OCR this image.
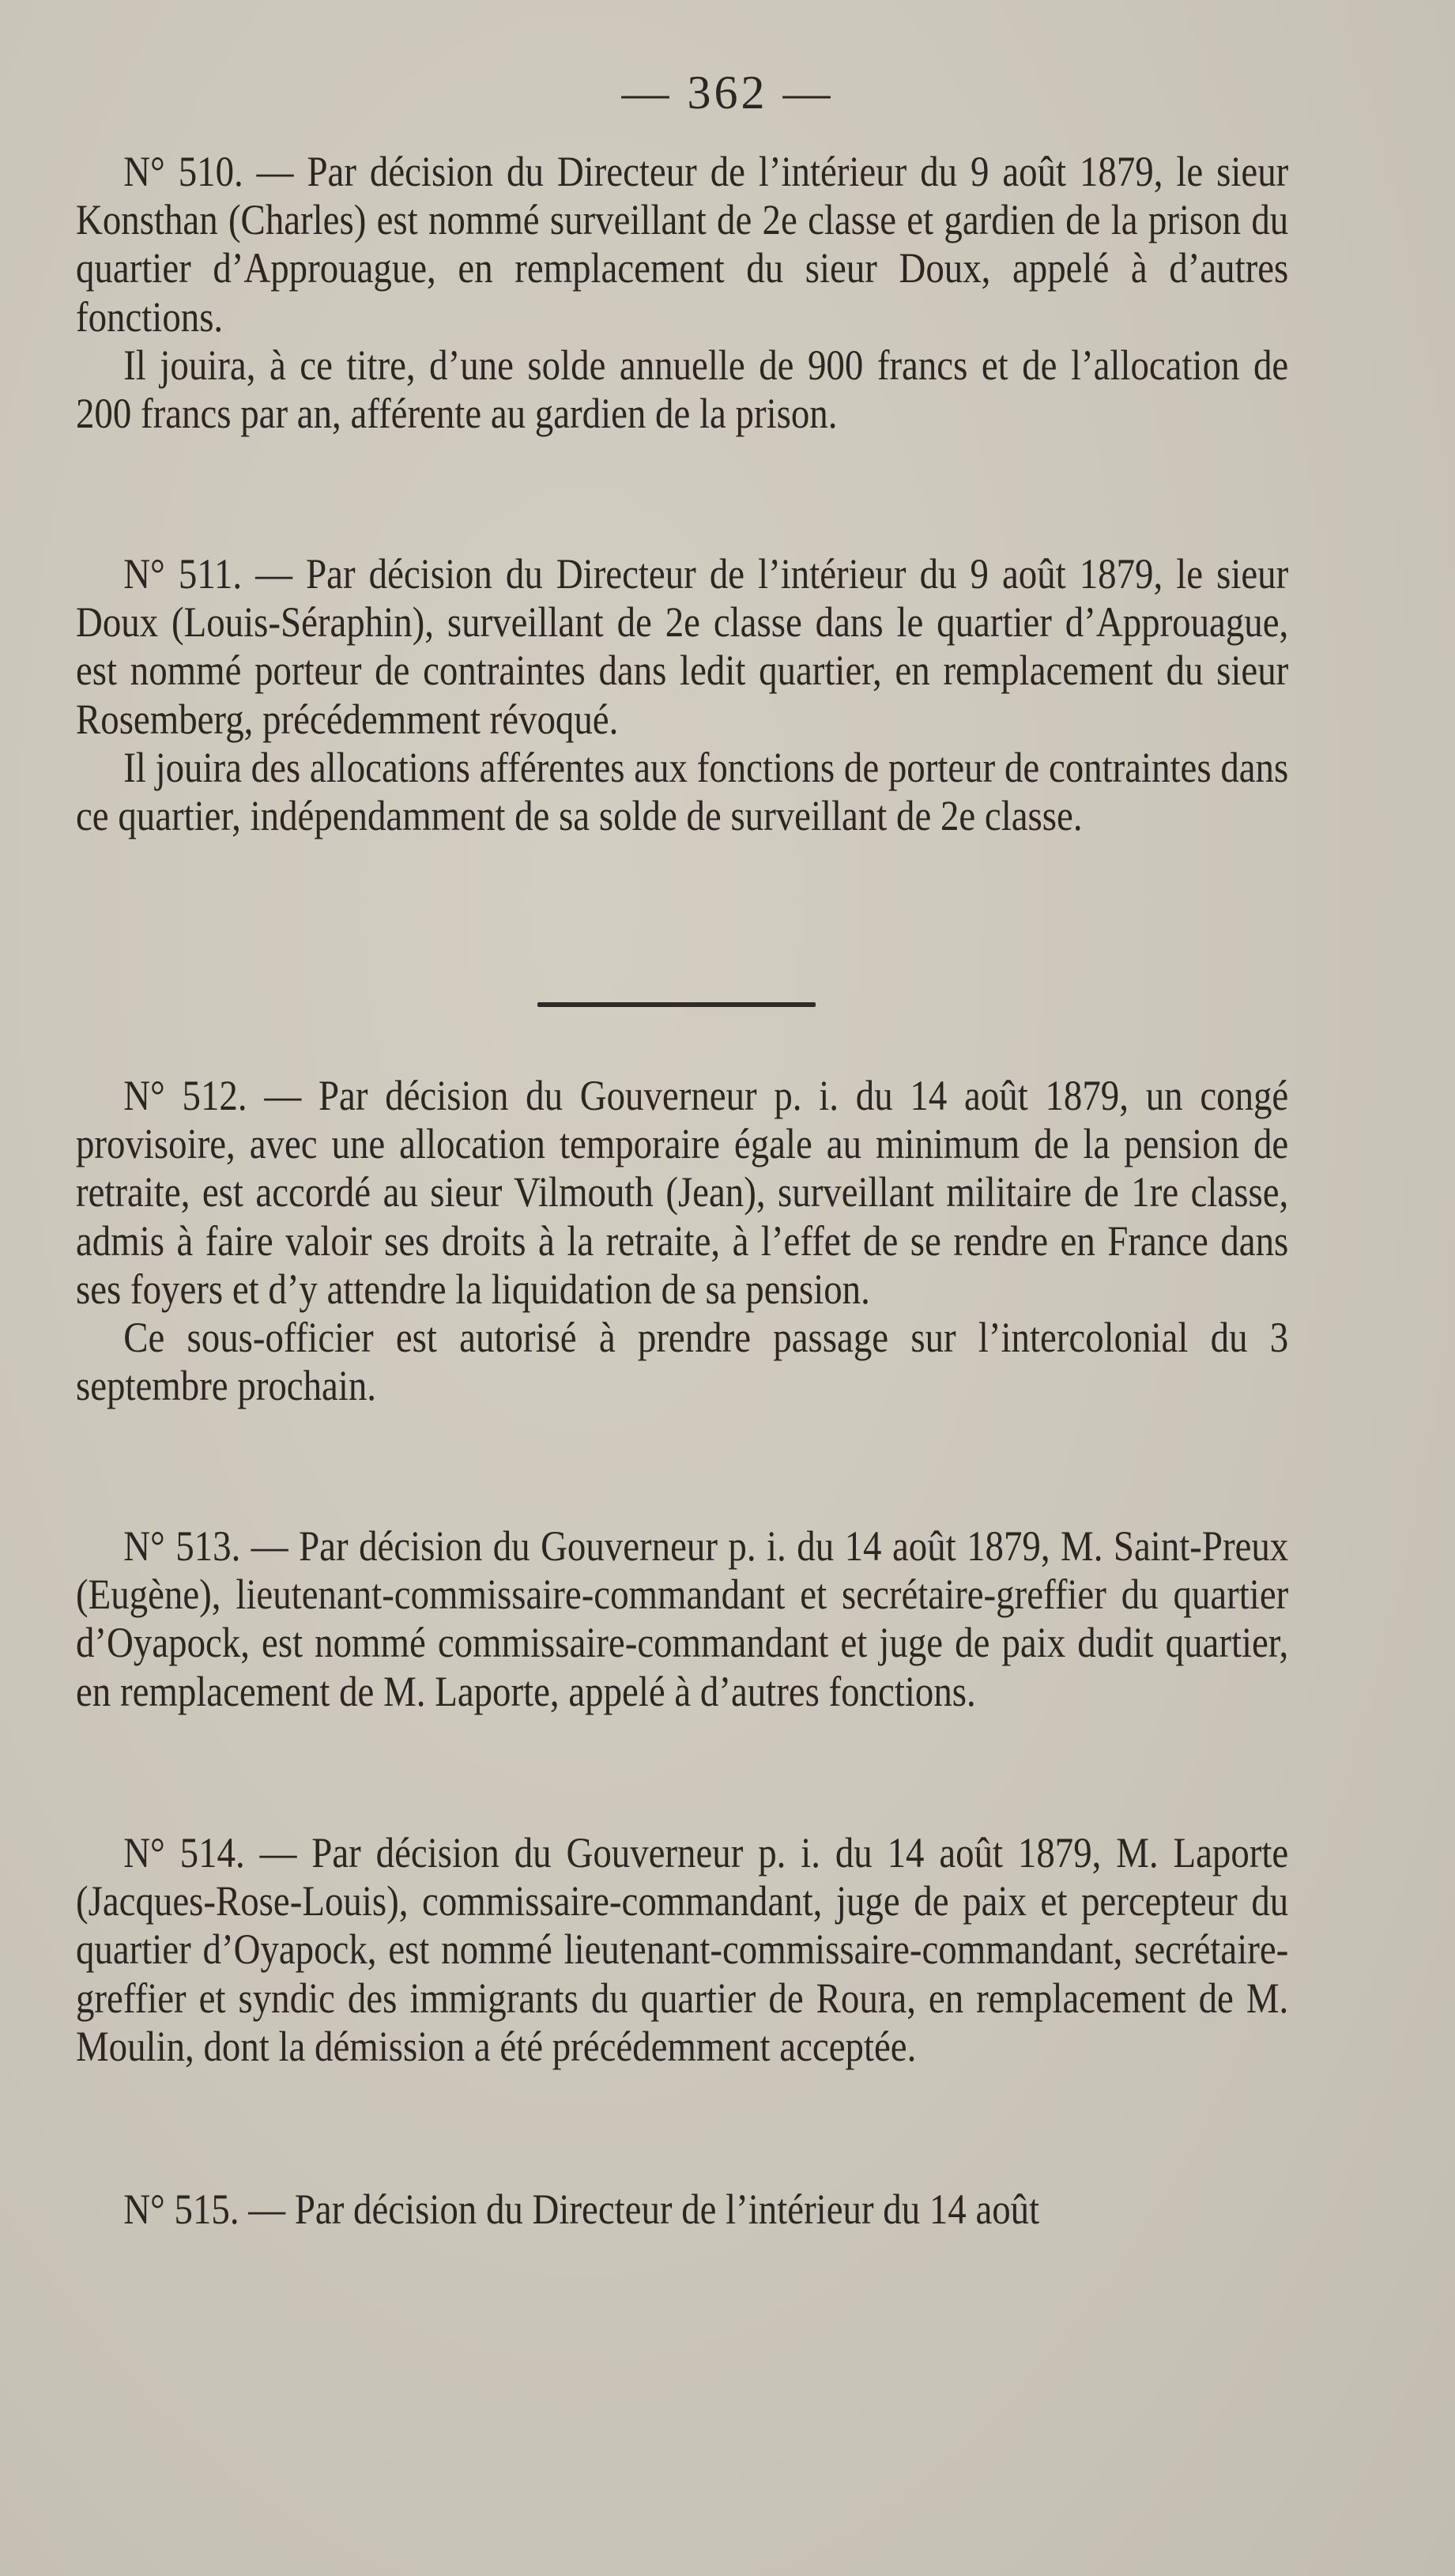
— 362 —

N° 510. — Par décision du Directeur de l’intérieur du 9 août 1879, le sieur Konsthan (Charles) est nommé surveillant de 2e classe et gardien de la prison du quartier d’Approuague, en remplacement du sieur Doux, appelé à d’autres fonctions.

Il jouira, à ce titre, d’une solde annuelle de 900 francs et de l’allocation de 200 francs par an, afférente au gardien de la prison.

N° 511. — Par décision du Directeur de l’intérieur du 9 août 1879, le sieur Doux (Louis-Séraphin), surveillant de 2e classe dans le quartier d’Approuague, est nommé porteur de contraintes dans ledit quartier, en remplacement du sieur Rosemberg, précédemment révoqué.

Il jouira des allocations afférentes aux fonctions de porteur de contraintes dans ce quartier, indépendamment de sa solde de surveillant de 2e classe.

N° 512. — Par décision du Gouverneur p. i. du 14 août 1879, un congé provisoire, avec une allocation temporaire égale au minimum de la pension de retraite, est accordé au sieur Vilmouth (Jean), surveillant militaire de 1re classe, admis à faire valoir ses droits à la retraite, à l’effet de se rendre en France dans ses foyers et d’y attendre la liquidation de sa pension.

Ce sous-officier est autorisé à prendre passage sur l’intercolonial du 3 septembre prochain.

N° 513. — Par décision du Gouverneur p. i. du 14 août 1879, M. Saint-Preux (Eugène), lieutenant-commissaire-commandant et secrétaire-greffier du quartier d’Oyapock, est nommé commissaire-commandant et juge de paix dudit quartier, en remplacement de M. Laporte, appelé à d’autres fonctions.

N° 514. — Par décision du Gouverneur p. i. du 14 août 1879, M. Laporte (Jacques-Rose-Louis), commissaire-commandant, juge de paix et percepteur du quartier d’Oyapock, est nommé lieutenant-commissaire-commandant, secrétaire-greffier et syndic des immigrants du quartier de Roura, en remplacement de M. Moulin, dont la démission a été précédemment acceptée.

N° 515. — Par décision du Directeur de l’intérieur du 14 août
